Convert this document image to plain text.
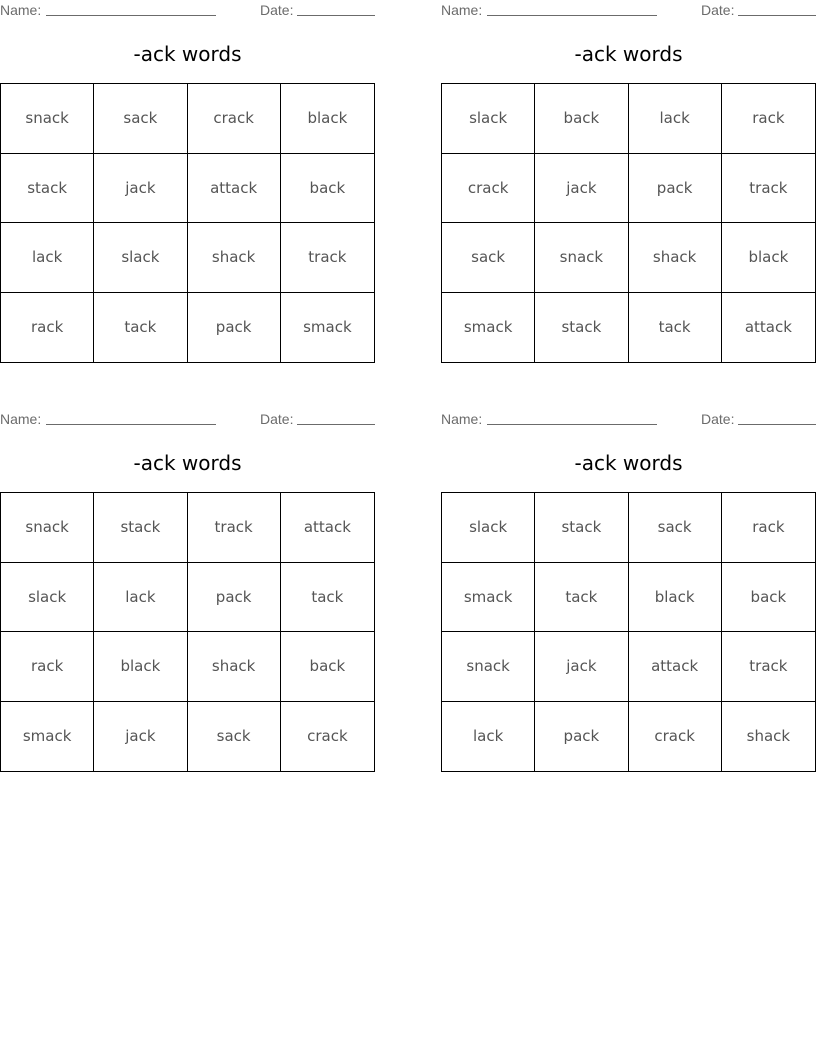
Name:	Date:
-ack words
snack	sack	crack	black
stack	jack	attack	back
lack	slack	shack	track
rack	tack	pack	smack
Name:	Date:
-ack words
slack	back	lack	rack
crack	jack	pack	track
sack	snack	shack	black
smack	stack	tack	attack
Name:	Date:
-ack words
snack	stack	track	attack
slack	lack	pack	tack
rack	black	shack	back
smack	jack	sack	crack
Name:	Date:
-ack words
slack	stack	sack	rack
smack	tack	black	back
snack	jack	attack	track
lack	pack	crack	shack
